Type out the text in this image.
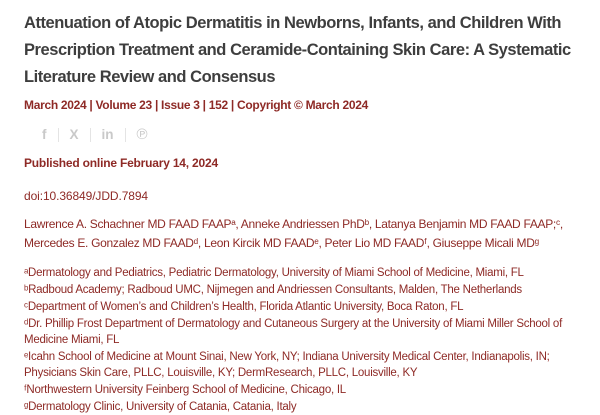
Attenuation of Atopic Dermatitis in Newborns, Infants, and Children With Prescription Treatment and Ceramide-Containing Skin Care: A Systematic Literature Review and Consensus
March 2024 | Volume 23 | Issue 3 | 152 | Copyright © March 2024
f	X	in	℗
Published online February 14, 2024
doi:10.36849/JDD.7894
Lawrence A. Schachner MD FAAD FAAPᵃ, Anneke Andriessen PhDᵇ, Latanya Benjamin MD FAAD FAAP;ᶜ, Mercedes E. Gonzalez MD FAADᵈ, Leon Kircik MD FAADᵉ, Peter Lio MD FAADᶠ, Giuseppe Micali MDᵍ
ᵃDermatology and Pediatrics, Pediatric Dermatology, University of Miami School of Medicine, Miami, FL
ᵇRadboud Academy; Radboud UMC, Nijmegen and Andriessen Consultants, Malden, The Netherlands
ᶜDepartment of Women’s and Children’s Health, Florida Atlantic University, Boca Raton, FL
ᵈDr. Phillip Frost Department of Dermatology and Cutaneous Surgery at the University of Miami Miller School of Medicine Miami, FL
ᵉIcahn School of Medicine at Mount Sinai, New York, NY; Indiana University Medical Center, Indianapolis, IN; Physicians Skin Care, PLLC, Louisville, KY; DermResearch, PLLC, Louisville, KY
ᶠNorthwestern University Feinberg School of Medicine, Chicago, IL
ᵍDermatology Clinic, University of Catania, Catania, Italy
